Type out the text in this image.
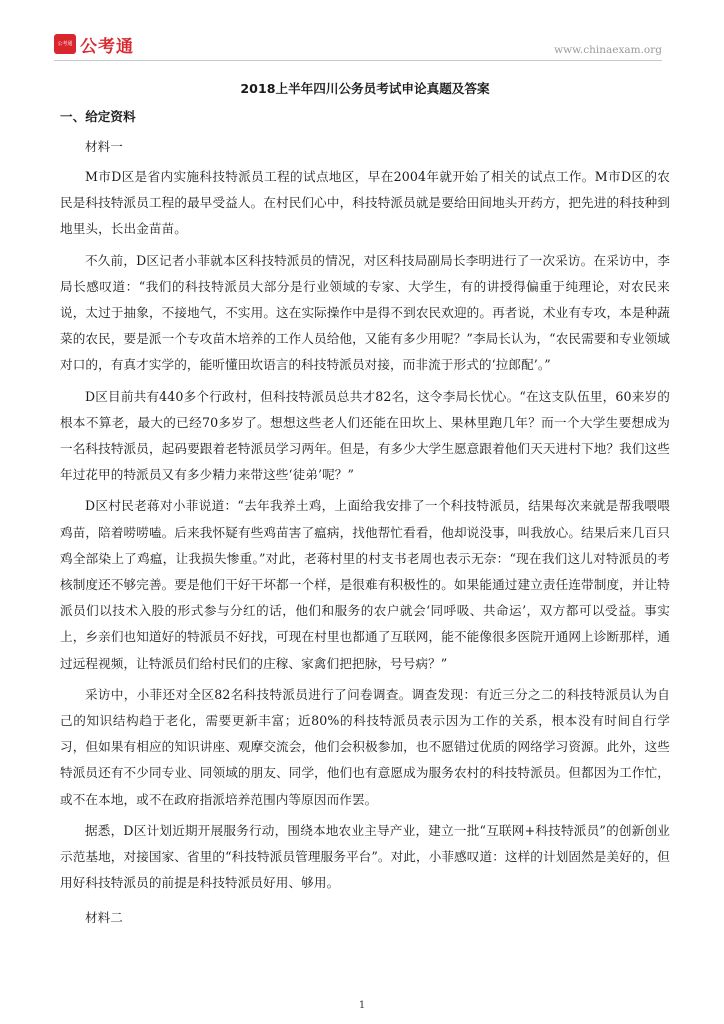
公考通 公考通	www.chinaexam.org
2018上半年四川公务员考试申论真题及答案
一、给定资料
材料一

M市D区是省内实施科技特派员工程的试点地区，早在2004年就开始了相关的试点工作。M市D区的农民是科技特派员工程的最早受益人。在村民们心中，科技特派员就是要给田间地头开药方，把先进的科技种到地里头，长出金苗苗。

不久前，D区记者小菲就本区科技特派员的情况，对区科技局副局长李明进行了一次采访。在采访中，李局长感叹道：“我们的科技特派员大部分是行业领域的专家、大学生，有的讲授得偏重于纯理论，对农民来说，太过于抽象，不接地气，不实用。这在实际操作中是得不到农民欢迎的。再者说，术业有专攻，本是种蔬菜的农民，要是派一个专攻苗木培养的工作人员给他，又能有多少用呢？”李局长认为，“农民需要和专业领域对口的，有真才实学的，能听懂田坎语言的科技特派员对接，而非流于形式的‘拉郎配’。”

D区目前共有440多个行政村，但科技特派员总共才82名，这令李局长忧心。“在这支队伍里，60来岁的根本不算老，最大的已经70多岁了。想想这些老人们还能在田坎上、果林里跑几年？而一个大学生要想成为一名科技特派员，起码要跟着老特派员学习两年。但是，有多少大学生愿意跟着他们天天进村下地？我们这些年过花甲的特派员又有多少精力来带这些‘徒弟’呢？”

D区村民老蒋对小菲说道：“去年我养土鸡，上面给我安排了一个科技特派员，结果每次来就是帮我喂喂鸡苗，陪着唠唠嗑。后来我怀疑有些鸡苗害了瘟病，找他帮忙看看，他却说没事，叫我放心。结果后来几百只鸡全部染上了鸡瘟，让我损失惨重。”对此，老蒋村里的村支书老周也表示无奈：“现在我们这儿对特派员的考核制度还不够完善。要是他们干好干坏都一个样，是很难有积极性的。如果能通过建立责任连带制度，并让特派员们以技术入股的形式参与分红的话，他们和服务的农户就会‘同呼吸、共命运’，双方都可以受益。事实上，乡亲们也知道好的特派员不好找，可现在村里也都通了互联网，能不能像很多医院开通网上诊断那样，通过远程视频，让特派员们给村民们的庄稼、家禽们把把脉，号号病？”

采访中，小菲还对全区82名科技特派员进行了问卷调查。调查发现：有近三分之二的科技特派员认为自己的知识结构趋于老化，需要更新丰富；近80%的科技特派员表示因为工作的关系，根本没有时间自行学习，但如果有相应的知识讲座、观摩交流会，他们会积极参加，也不愿错过优质的网络学习资源。此外，这些特派员还有不少同专业、同领域的朋友、同学，他们也有意愿成为服务农村的科技特派员。但都因为工作忙，或不在本地，或不在政府指派培养范围内等原因而作罢。

据悉，D区计划近期开展服务行动，围绕本地农业主导产业，建立一批“互联网+科技特派员”的创新创业示范基地，对接国家、省里的“科技特派员管理服务平台”。对此，小菲感叹道：这样的计划固然是美好的，但用好科技特派员的前提是科技特派员好用、够用。

材料二
1
